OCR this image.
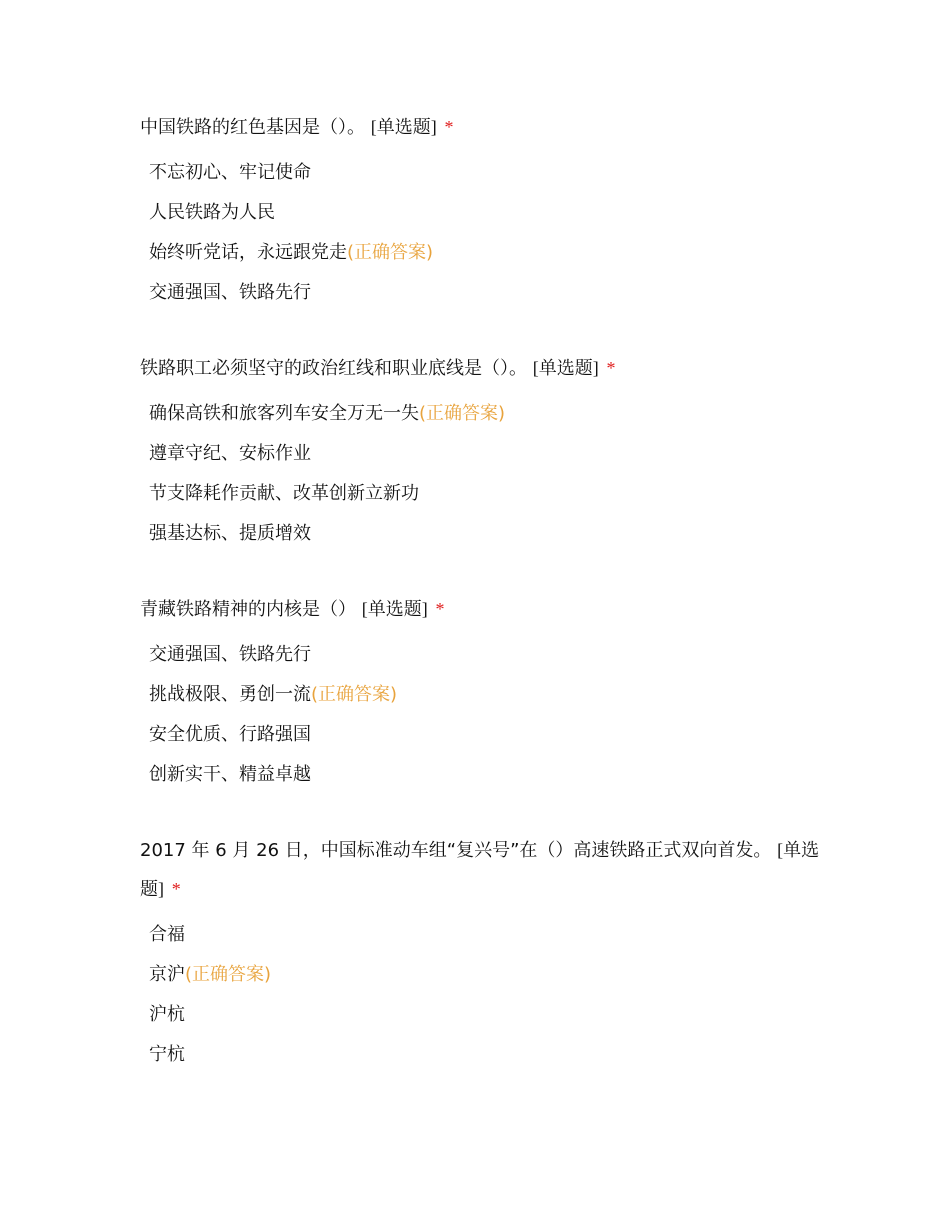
中国铁路的红色基因是（）。 [单选题] *
不忘初心、牢记使命
人民铁路为人民
始终听党话，永远跟党走(正确答案)
交通强国、铁路先行
铁路职工必须坚守的政治红线和职业底线是（）。 [单选题] *
确保高铁和旅客列车安全万无一失(正确答案)
遵章守纪、安标作业
节支降耗作贡献、改革创新立新功
强基达标、提质增效
青藏铁路精神的内核是（） [单选题] *
交通强国、铁路先行
挑战极限、勇创一流(正确答案)
安全优质、行路强国
创新实干、精益卓越
2017 年 6 月 26 日，中国标准动车组“复兴号”在（）高速铁路正式双向首发。 [单选题] *
合福
京沪(正确答案)
沪杭
宁杭
